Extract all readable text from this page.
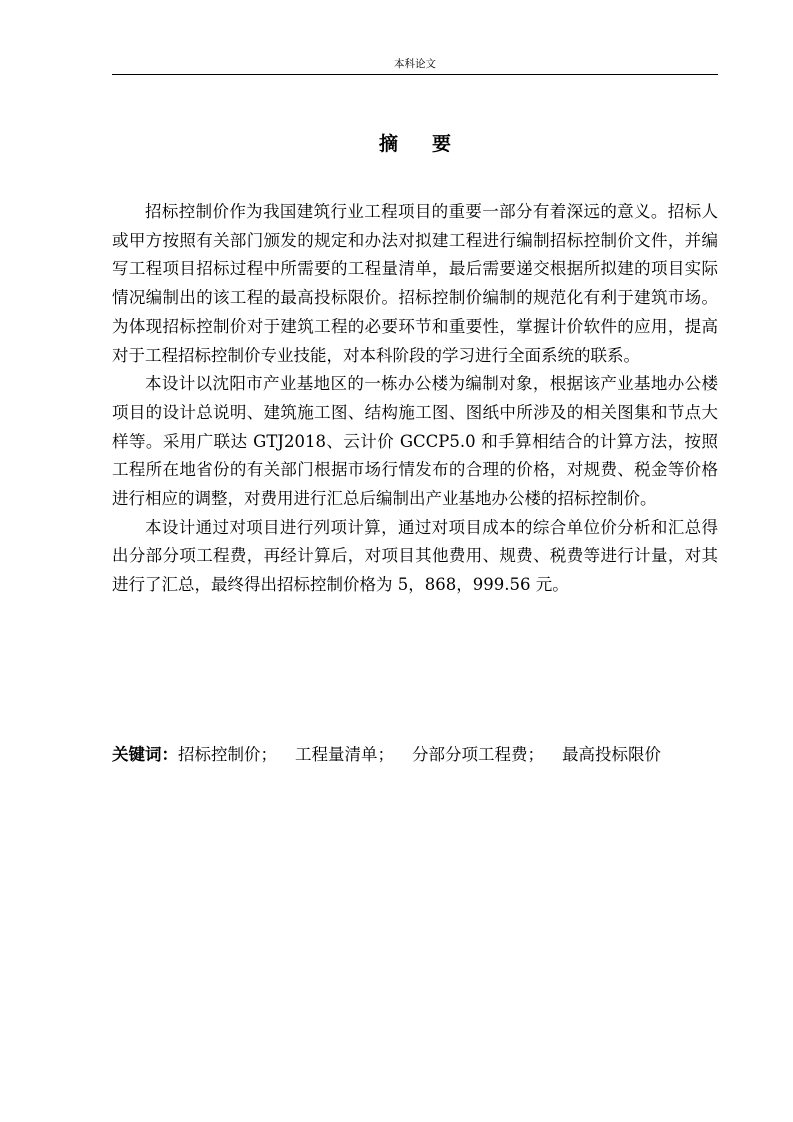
本科论文
摘要

招标控制价作为我国建筑行业工程项目的重要一部分有着深远的意义。招标人或甲方按照有关部门颁发的规定和办法对拟建工程进行编制招标控制价文件，并编写工程项目招标过程中所需要的工程量清单，最后需要递交根据所拟建的项目实际情况编制出的该工程的最高投标限价。招标控制价编制的规范化有利于建筑市场。为体现招标控制价对于建筑工程的必要环节和重要性，掌握计价软件的应用，提高对于工程招标控制价专业技能，对本科阶段的学习进行全面系统的联系。

本设计以沈阳市产业基地区的一栋办公楼为编制对象，根据该产业基地办公楼项目的设计总说明、建筑施工图、结构施工图、图纸中所涉及的相关图集和节点大样等。采用广联达 GTJ2018、云计价 GCCP5.0 和手算相结合的计算方法，按照工程所在地省份的有关部门根据市场行情发布的合理的价格，对规费、税金等价格进行相应的调整，对费用进行汇总后编制出产业基地办公楼的招标控制价。

本设计通过对项目进行列项计算，通过对项目成本的综合单位价分析和汇总得出分部分项工程费，再经计算后，对项目其他费用、规费、税费等进行计量，对其进行了汇总，最终得出招标控制价格为 5，868，999.56 元。

关键词：招标控制价； 工程量清单； 分部分项工程费； 最高投标限价
